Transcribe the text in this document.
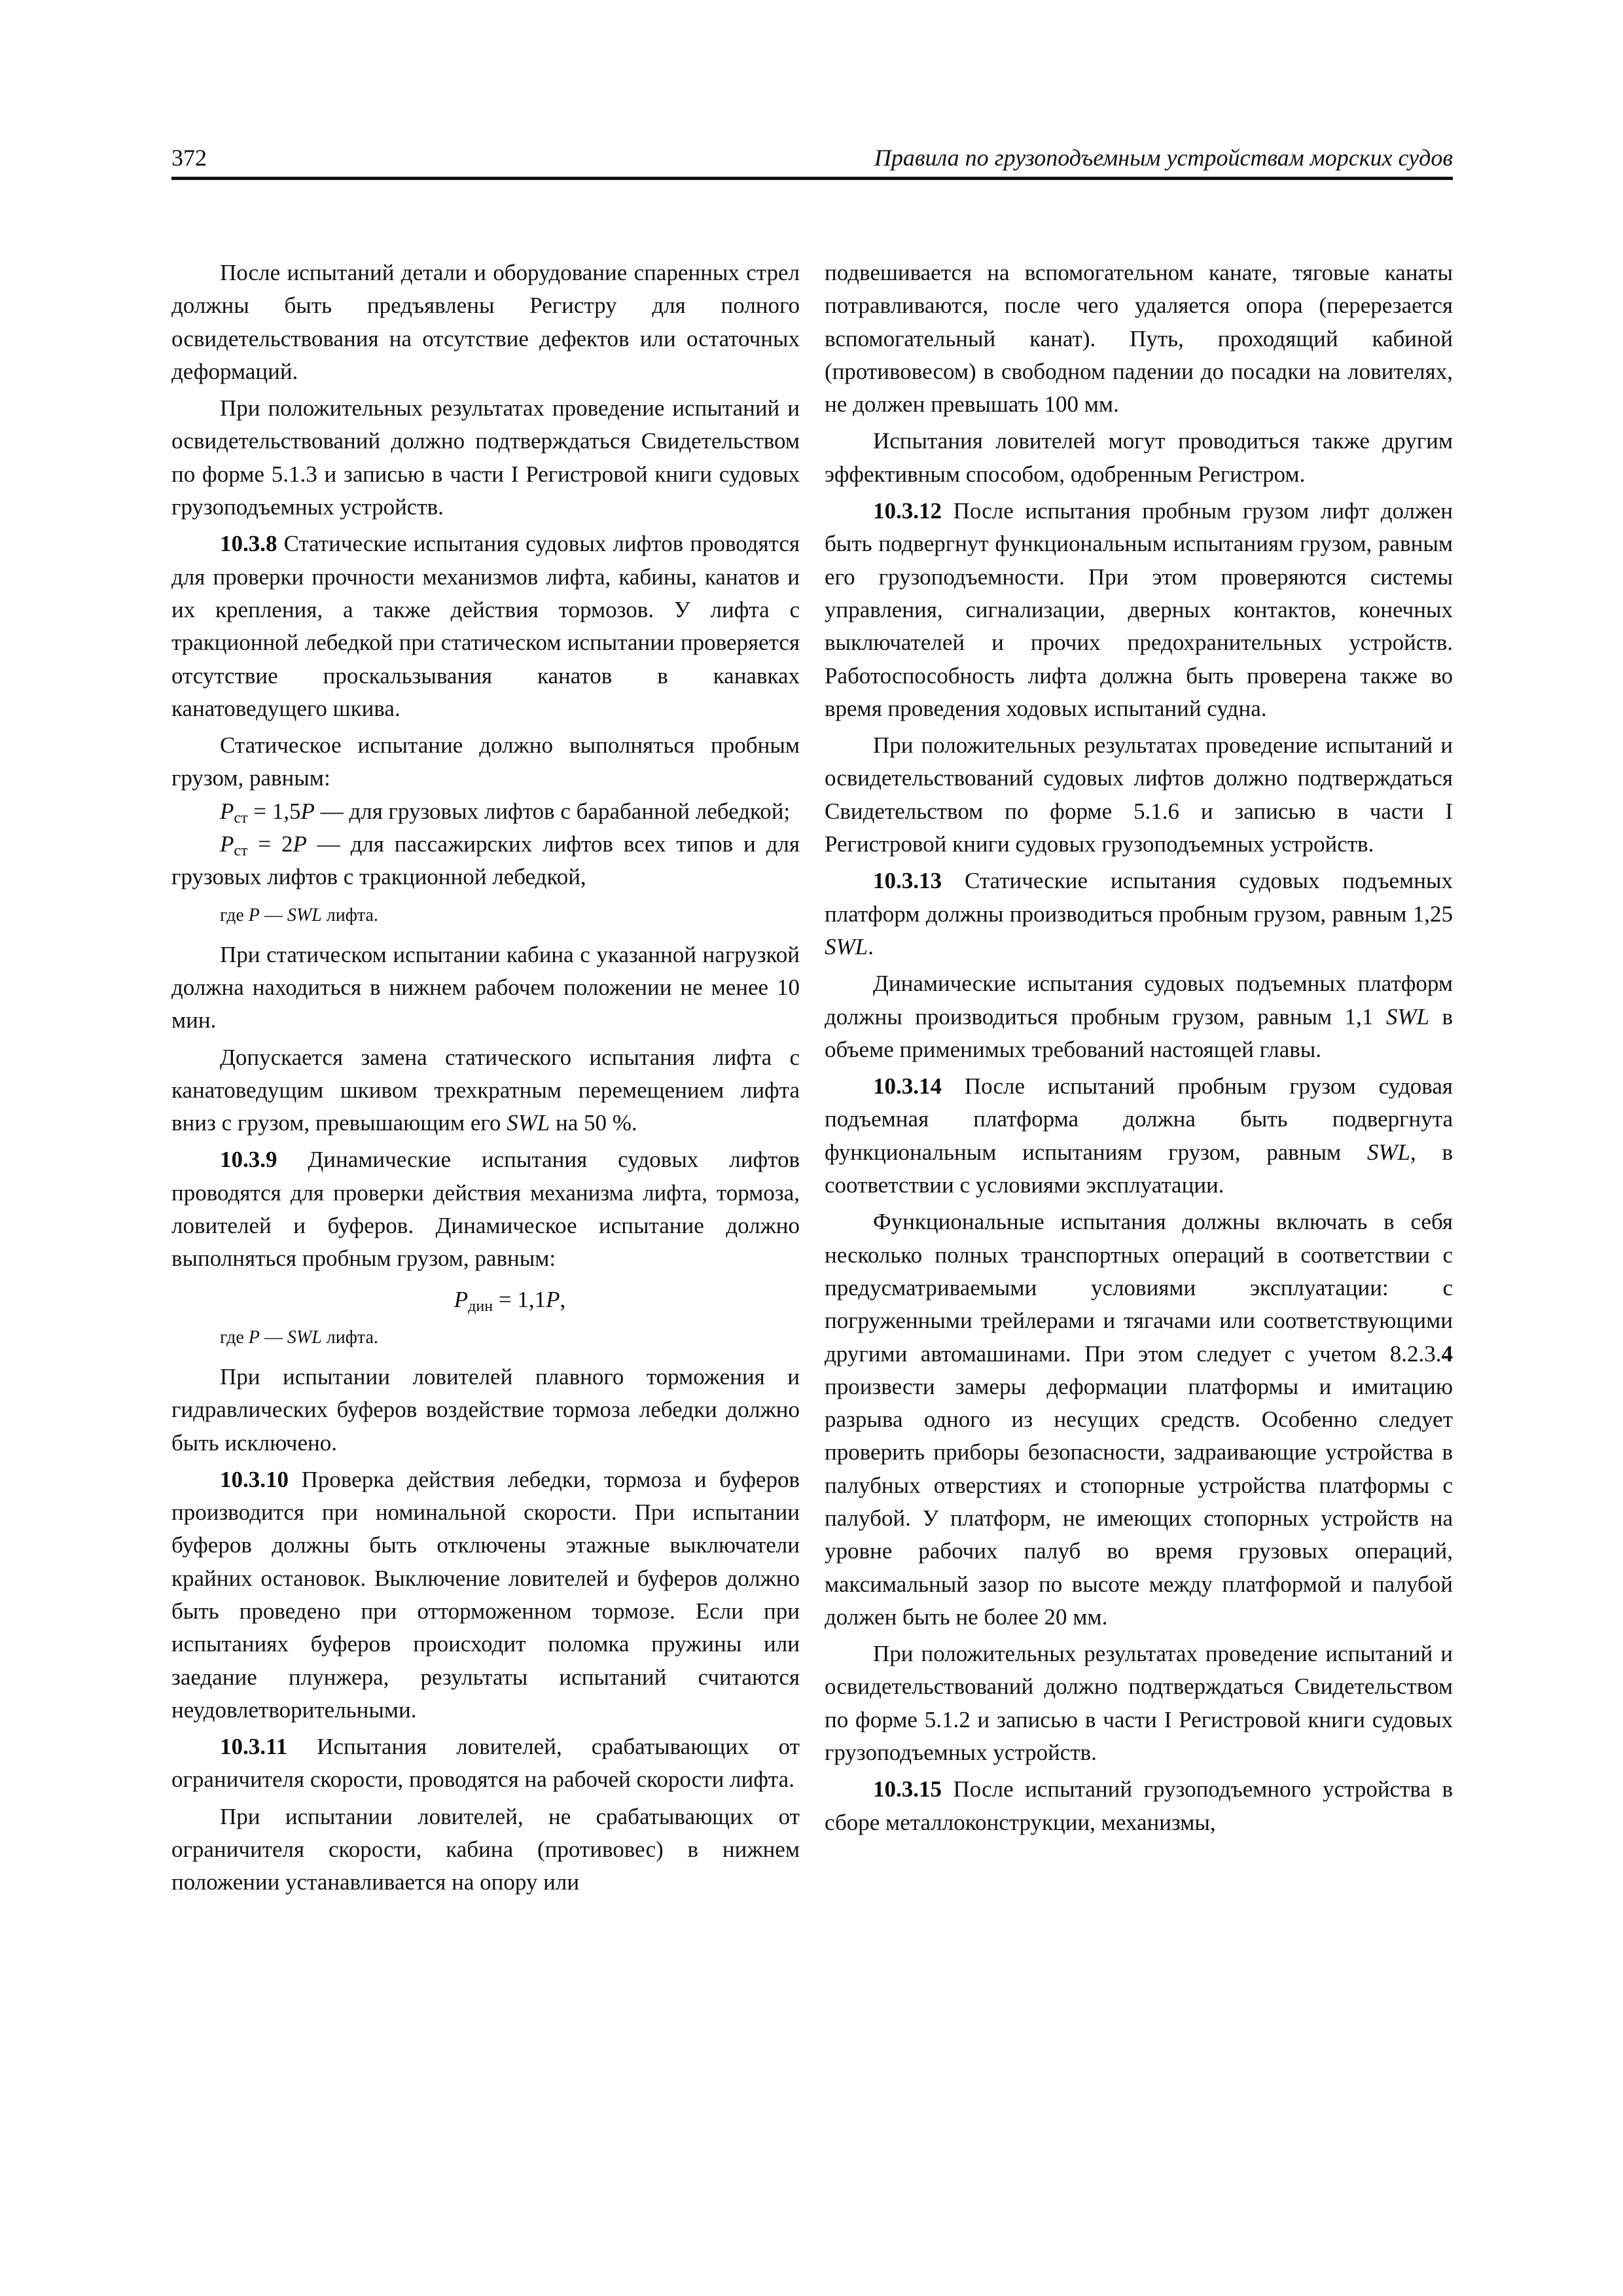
372	Правила по грузоподъемным устройствам морских судов

После испытаний детали и оборудование спаренных стрел должны быть предъявлены Регистру для полного освидетельствования на отсутствие дефектов или остаточных деформаций.

При положительных результатах проведение испытаний и освидетельствований должно подтверждаться Свидетельством по форме 5.1.3 и записью в части I Регистровой книги судовых грузоподъемных устройств.

10.3.8 Статические испытания судовых лифтов проводятся для проверки прочности механизмов лифта, кабины, канатов и их крепления, а также действия тормозов. У лифта с тракционной лебедкой при статическом испытании проверяется отсутствие проскальзывания канатов в канавках канатоведущего шкива.

Статическое испытание должно выполняться пробным грузом, равным:

$P_{ст} = 1,5P$ — для грузовых лифтов с барабанной лебедкой;

$P_{ст} = 2P$ — для пассажирских лифтов всех типов и для грузовых лифтов с тракционной лебедкой,

где P — SWL лифта.

При статическом испытании кабина с указанной нагрузкой должна находиться в нижнем рабочем положении не менее 10 мин.

Допускается замена статического испытания лифта с канатоведущим шкивом трехкратным перемещением лифта вниз с грузом, превышающим его SWL на 50 %.

10.3.9 Динамические испытания судовых лифтов проводятся для проверки действия механизма лифта, тормоза, ловителей и буферов. Динамическое испытание должно выполняться пробным грузом, равным:

$P_{дин} = 1,1P$,

где P — SWL лифта.

При испытании ловителей плавного торможения и гидравлических буферов воздействие тормоза лебедки должно быть исключено.

10.3.10 Проверка действия лебедки, тормоза и буферов производится при номинальной скорости. При испытании буферов должны быть отключены этажные выключатели крайних остановок. Выключение ловителей и буферов должно быть проведено при отторможенном тормозе. Если при испытаниях буферов происходит поломка пружины или заедание плунжера, результаты испытаний считаются неудовлетворительными.

10.3.11 Испытания ловителей, срабатывающих от ограничителя скорости, проводятся на рабочей скорости лифта.

При испытании ловителей, не срабатывающих от ограничителя скорости, кабина (противовес) в нижнем положении устанавливается на опору или

подвешивается на вспомогательном канате, тяговые канаты потравливаются, после чего удаляется опора (перерезается вспомогательный канат). Путь, проходящий кабиной (противовесом) в свободном падении до посадки на ловителях, не должен превышать 100 мм.

Испытания ловителей могут проводиться также другим эффективным способом, одобренным Регистром.

10.3.12 После испытания пробным грузом лифт должен быть подвергнут функциональным испытаниям грузом, равным его грузоподъемности. При этом проверяются системы управления, сигнализации, дверных контактов, конечных выключателей и прочих предохранительных устройств. Работоспособность лифта должна быть проверена также во время проведения ходовых испытаний судна.

При положительных результатах проведение испытаний и освидетельствований судовых лифтов должно подтверждаться Свидетельством по форме 5.1.6 и записью в части I Регистровой книги судовых грузоподъемных устройств.

10.3.13 Статические испытания судовых подъемных платформ должны производиться пробным грузом, равным 1,25 SWL.

Динамические испытания судовых подъемных платформ должны производиться пробным грузом, равным 1,1 SWL в объеме применимых требований настоящей главы.

10.3.14 После испытаний пробным грузом судовая подъемная платформа должна быть подвергнута функциональным испытаниям грузом, равным SWL, в соответствии с условиями эксплуатации.

Функциональные испытания должны включать в себя несколько полных транспортных операций в соответствии с предусматриваемыми условиями эксплуатации: с погруженными трейлерами и тягачами или соответствующими другими автомашинами. При этом следует с учетом 8.2.3.4 произвести замеры деформации платформы и имитацию разрыва одного из несущих средств. Особенно следует проверить приборы безопасности, задраивающие устройства в палубных отверстиях и стопорные устройства платформы с палубой. У платформ, не имеющих стопорных устройств на уровне рабочих палуб во время грузовых операций, максимальный зазор по высоте между платформой и палубой должен быть не более 20 мм.

При положительных результатах проведение испытаний и освидетельствований должно подтверждаться Свидетельством по форме 5.1.2 и записью в части I Регистровой книги судовых грузоподъемных устройств.

10.3.15 После испытаний грузоподъемного устройства в сборе металлоконструкции, механизмы,
